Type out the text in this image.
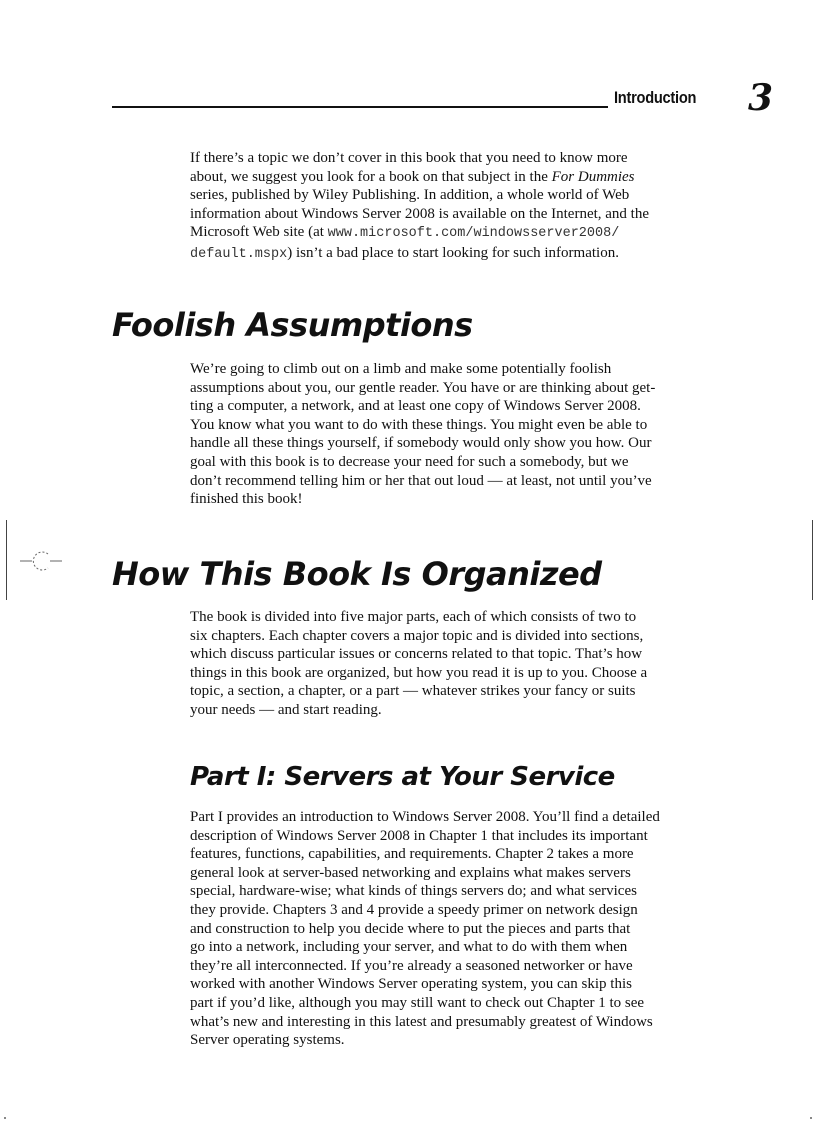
Introduction 3
If there’s a topic we don’t cover in this book that you need to know more
about, we suggest you look for a book on that subject in the For Dummies
series, published by Wiley Publishing. In addition, a whole world of Web
information about Windows Server 2008 is available on the Internet, and the
Microsoft Web site (at www.microsoft.com/windowsserver2008/
default.mspx) isn’t a bad place to start looking for such information.
Foolish Assumptions
We’re going to climb out on a limb and make some potentially foolish
assumptions about you, our gentle reader. You have or are thinking about get-
ting a computer, a network, and at least one copy of Windows Server 2008.
You know what you want to do with these things. You might even be able to
handle all these things yourself, if somebody would only show you how. Our
goal with this book is to decrease your need for such a somebody, but we
don’t recommend telling him or her that out loud — at least, not until you’ve
finished this book!
How This Book Is Organized
The book is divided into five major parts, each of which consists of two to
six chapters. Each chapter covers a major topic and is divided into sections,
which discuss particular issues or concerns related to that topic. That’s how
things in this book are organized, but how you read it is up to you. Choose a
topic, a section, a chapter, or a part — whatever strikes your fancy or suits
your needs — and start reading.
Part I: Servers at Your Service
Part I provides an introduction to Windows Server 2008. You’ll find a detailed
description of Windows Server 2008 in Chapter 1 that includes its important
features, functions, capabilities, and requirements. Chapter 2 takes a more
general look at server-based networking and explains what makes servers
special, hardware-wise; what kinds of things servers do; and what services
they provide. Chapters 3 and 4 provide a speedy primer on network design
and construction to help you decide where to put the pieces and parts that
go into a network, including your server, and what to do with them when
they’re all interconnected. If you’re already a seasoned networker or have
worked with another Windows Server operating system, you can skip this
part if you’d like, although you may still want to check out Chapter 1 to see
what’s new and interesting in this latest and presumably greatest of Windows
Server operating systems.
